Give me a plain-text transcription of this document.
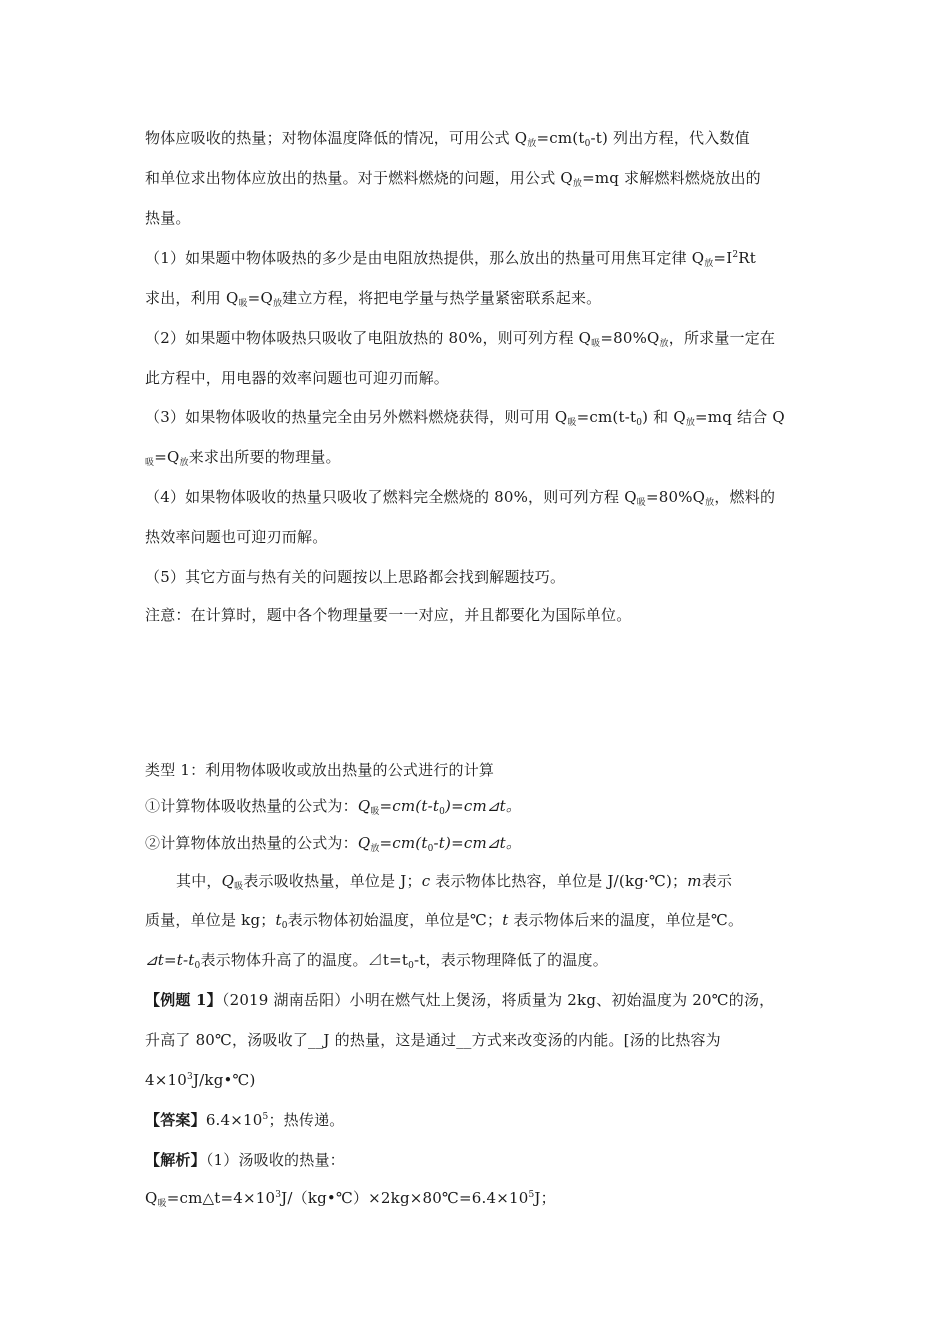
物体应吸收的热量；对物体温度降低的情况，可用公式 $Q_放=cm(t_0-t)$ 列出方程，代入数值
和单位求出物体应放出的热量。对于燃料燃烧的问题，用公式 $Q_放=mq$ 求解燃料燃烧放出的
热量。
（1）如果题中物体吸热的多少是由电阻放热提供，那么放出的热量可用焦耳定律 $Q_放=I^2Rt$
求出，利用 $Q_吸=Q_放$建立方程，将把电学量与热学量紧密联系起来。
（2）如果题中物体吸热只吸收了电阻放热的 80%，则可列方程 $Q_吸=80\%Q_放$，所求量一定在
此方程中，用电器的效率问题也可迎刃而解。
（3）如果物体吸收的热量完全由另外燃料燃烧获得，则可用 $Q_吸=cm(t-t_0)$ 和 $Q_放=mq$ 结合 Q
$_吸=Q_放$来求出所要的物理量。
（4）如果物体吸收的热量只吸收了燃料完全燃烧的 80%，则可列方程 $Q_吸=80\%Q_放$，燃料的
热效率问题也可迎刃而解。
（5）其它方面与热有关的问题按以上思路都会找到解题技巧。
注意：在计算时，题中各个物理量要一一对应，并且都要化为国际单位。
类型 1：利用物体吸收或放出热量的公式进行的计算
①计算物体吸收热量的公式为：$Q_吸=cm(t-t_0)=cm⊿t$。
②计算物体放出热量的公式为：$Q_放=cm(t_0-t)=cm⊿t$。
其中，$Q_吸$表示吸收热量，单位是 J；c 表示物体比热容，单位是 J/(kg·℃)；m表示
质量，单位是 kg；$t_0$表示物体初始温度，单位是℃；t 表示物体后来的温度，单位是℃。
$⊿t=t-t_0$表示物体升高了的温度。$⊿t=t_0-t$，表示物理降低了的温度。
【例题 1】（2019 湖南岳阳）小明在燃气灶上煲汤，将质量为 2kg、初始温度为 20℃的汤，
升高了 80℃，汤吸收了__J 的热量，这是通过__方式来改变汤的内能。[汤的比热容为
$4\times 10^3J/kg•℃$)
【答案】$6.4\times 10^5$；热传递。
【解析】（1）汤吸收的热量：
$Q_吸=cm\triangle t=4\times 10^3J/(kg•℃)\times 2kg\times 80℃=6.4\times 10^5J$；
